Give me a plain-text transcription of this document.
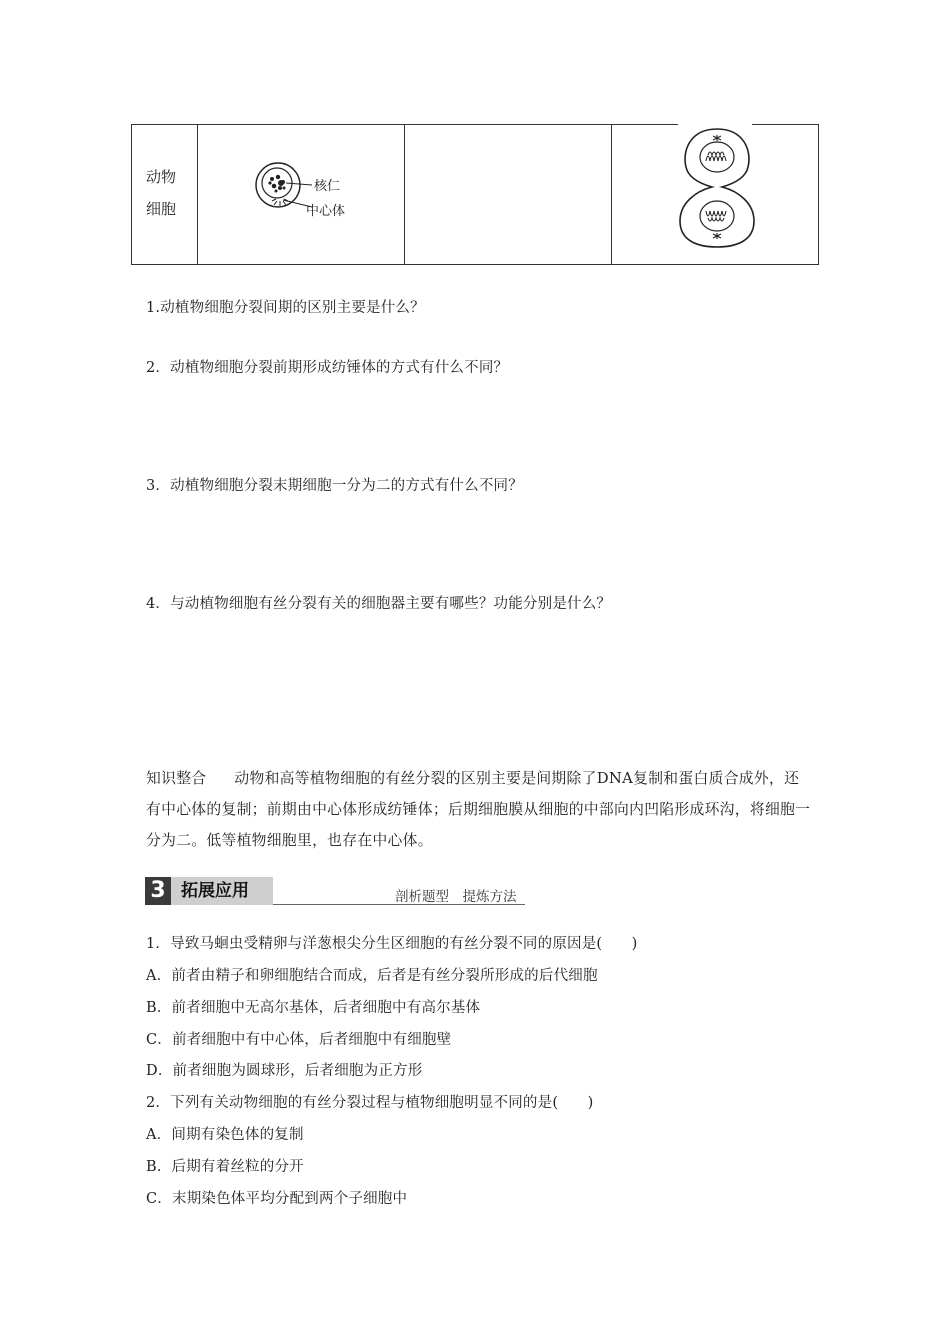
动物
细胞
核仁
中心体
1.动植物细胞分裂间期的区别主要是什么？
2．动植物细胞分裂前期形成纺锤体的方式有什么不同？
3．动植物细胞分裂末期细胞一分为二的方式有什么不同？
4．与动植物细胞有丝分裂有关的细胞器主要有哪些？功能分别是什么？
知识整合 动物和高等植物细胞的有丝分裂的区别主要是间期除了DNA复制和蛋白质合成外，还有中心体的复制；前期由中心体形成纺锤体；后期细胞膜从细胞的中部向内凹陷形成环沟，将细胞一分为二。低等植物细胞里，也存在中心体。
3 拓展应用	剖析题型　提炼方法
1．导致马蛔虫受精卵与洋葱根尖分生区细胞的有丝分裂不同的原因是(　　)
A．前者由精子和卵细胞结合而成，后者是有丝分裂所形成的后代细胞
B．前者细胞中无高尔基体，后者细胞中有高尔基体
C．前者细胞中有中心体，后者细胞中有细胞壁
D．前者细胞为圆球形，后者细胞为正方形
2．下列有关动物细胞的有丝分裂过程与植物细胞明显不同的是(　　)
A．间期有染色体的复制
B．后期有着丝粒的分开
C．末期染色体平均分配到两个子细胞中
